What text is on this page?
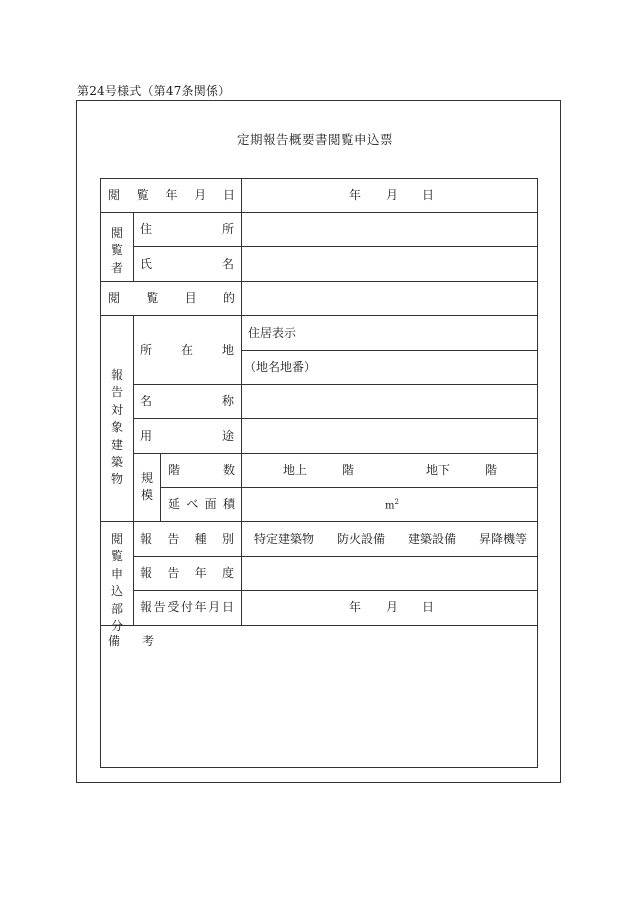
第24号様式（第47条関係）
定期報告概要書閲覧申込票
閲 覧 年 月 日	年 月 日
閲
覧
者
住	所
氏	名
閲 覧 目 的
報
告
対
象
建
築
物
所 在 地
住居表示
（地名地番）
名	称
用	途
規
模
階	数	地上	階	地下	階
延 べ 面 積	$m^2$
閲
覧
申
込
部
分
報 告 種 別 特定建築物 防火設備 建築設備 昇降機等
報 告 年 度
報 告 受 付 年 月 日	年 月 日
備 考
